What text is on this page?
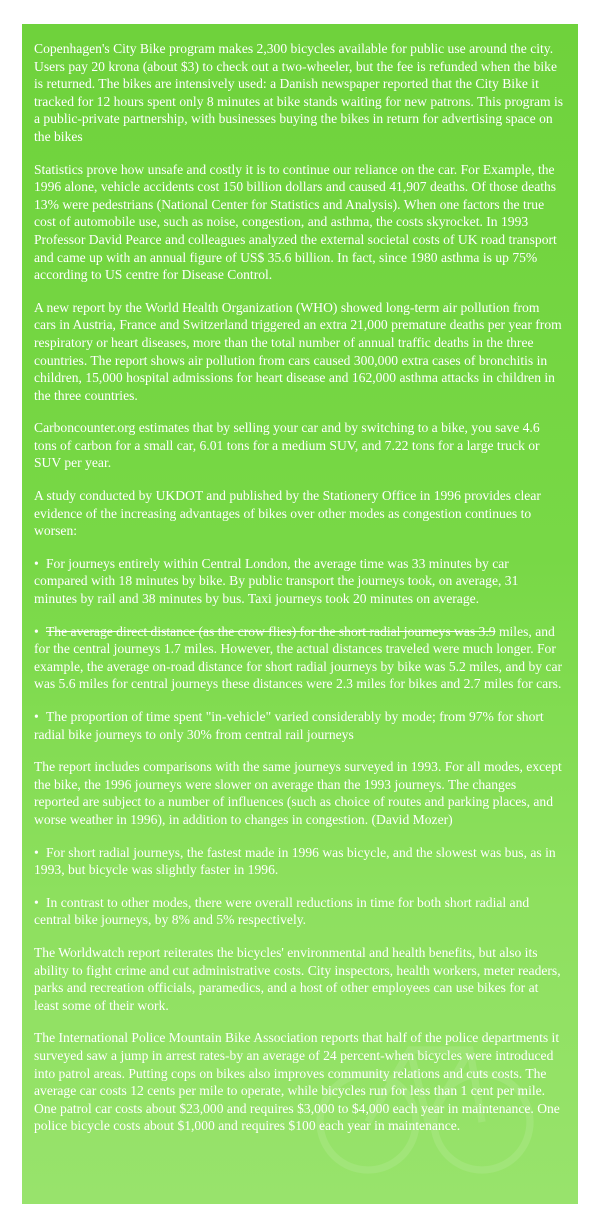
Copenhagen's City Bike program makes 2,300 bicycles available for public use around the city. Users pay 20 krona (about $3) to check out a two-wheeler, but the fee is refunded when the bike is returned. The bikes are intensively used: a Danish newspaper reported that the City Bike it tracked for 12 hours spent only 8 minutes at bike stands waiting for new patrons. This program is a public-private partnership, with businesses buying the bikes in return for advertising space on the bikes

Statistics prove how unsafe and costly it is to continue our reliance on the car. For Example, the 1996 alone, vehicle accidents cost 150 billion dollars and caused 41,907 deaths. Of those deaths 13% were pedestrians (National Center for Statistics and Analysis). When one factors the true cost of automobile use, such as noise, congestion, and asthma, the costs skyrocket. In 1993 Professor David Pearce and colleagues analyzed the external societal costs of UK road transport and came up with an annual figure of US$ 35.6 billion. In fact, since 1980 asthma is up 75% according to US centre for Disease Control.

A new report by the World Health Organization (WHO) showed long-term air pollution from cars in Austria, France and Switzerland triggered an extra 21,000 premature deaths per year from respiratory or heart diseases, more than the total number of annual traffic deaths in the three countries. The report shows air pollution from cars caused 300,000 extra cases of bronchitis in children, 15,000 hospital admissions for heart disease and 162,000 asthma attacks in children in the three countries.

Carboncounter.org estimates that by selling your car and by switching to a bike, you save 4.6 tons of carbon for a small car, 6.01 tons for a medium SUV, and 7.22 tons for a large truck or SUV per year.

A study conducted by UKDOT and published by the Stationery Office in 1996 provides clear evidence of the increasing advantages of bikes over other modes as congestion continues to worsen:

• For journeys entirely within Central London, the average time was 33 minutes by car compared with 18 minutes by bike. By public transport the journeys took, on average, 31 minutes by rail and 38 minutes by bus. Taxi journeys took 20 minutes on average.

• The average direct distance (as the crow flies) for the short radial journeys was 3.9 miles, and for the central journeys 1.7 miles. However, the actual distances traveled were much longer. For example, the average on-road distance for short radial journeys by bike was 5.2 miles, and by car was 5.6 miles for central journeys these distances were 2.3 miles for bikes and 2.7 miles for cars.

• The proportion of time spent "in-vehicle" varied considerably by mode; from 97% for short radial bike journeys to only 30% from central rail journeys

The report includes comparisons with the same journeys surveyed in 1993. For all modes, except the bike, the 1996 journeys were slower on average than the 1993 journeys. The changes reported are subject to a number of influences (such as choice of routes and parking places, and worse weather in 1996), in addition to changes in congestion. (David Mozer)

• For short radial journeys, the fastest made in 1996 was bicycle, and the slowest was bus, as in 1993, but bicycle was slightly faster in 1996.

• In contrast to other modes, there were overall reductions in time for both short radial and central bike journeys, by 8% and 5% respectively.

The Worldwatch report reiterates the bicycles' environmental and health benefits, but also its ability to fight crime and cut administrative costs. City inspectors, health workers, meter readers, parks and recreation officials, paramedics, and a host of other employees can use bikes for at least some of their work.

The International Police Mountain Bike Association reports that half of the police departments it surveyed saw a jump in arrest rates-by an average of 24 percent-when bicycles were introduced into patrol areas. Putting cops on bikes also improves community relations and cuts costs. The average car costs 12 cents per mile to operate, while bicycles run for less than 1 cent per mile. One patrol car costs about $23,000 and requires $3,000 to $4,000 each year in maintenance. One police bicycle costs about $1,000 and requires $100 each year in maintenance.
